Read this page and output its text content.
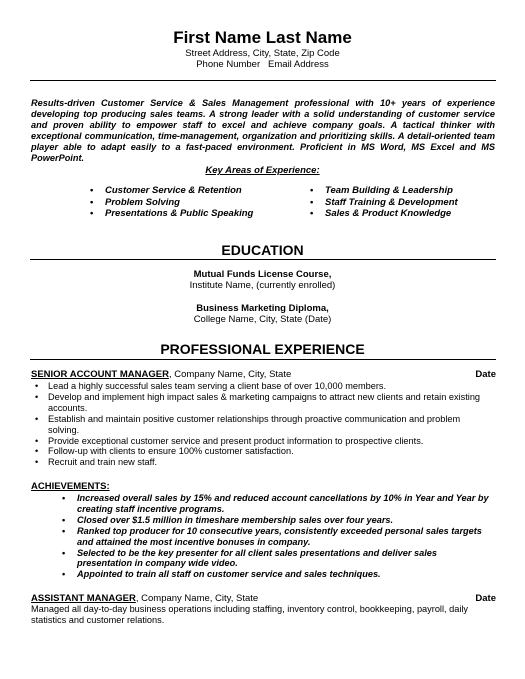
First Name Last Name
Street Address, City, State, Zip Code
Phone Number   Email Address
Results-driven Customer Service & Sales Management professional with 10+ years of experience developing top producing sales teams. A strong leader with a solid understanding of customer service and proven ability to empower staff to excel and achieve company goals. A tactical thinker with exceptional communication, time-management, organization and prioritizing skills. A detail-oriented team player able to adapt easily to a fast-paced environment. Proficient in MS Word, MS Excel and MS PowerPoint.
Key Areas of Experience:
• Customer Service & Retention
• Problem Solving
• Presentations & Public Speaking
• Team Building & Leadership
• Staff Training & Development
• Sales & Product Knowledge
EDUCATION
Mutual Funds License Course,
Institute Name, (currently enrolled)
Business Marketing Diploma,
College Name, City, State (Date)
PROFESSIONAL EXPERIENCE
SENIOR ACCOUNT MANAGER, Company Name, City, State	Date
• Lead a highly successful sales team serving a client base of over 10,000 members.
• Develop and implement high impact sales & marketing campaigns to attract new clients and retain existing accounts.
• Establish and maintain positive customer relationships through proactive communication and problem solving.
• Provide exceptional customer service and present product information to prospective clients.
• Follow-up with clients to ensure 100% customer satisfaction.
• Recruit and train new staff.
ACHIEVEMENTS:
• Increased overall sales by 15% and reduced account cancellations by 10% in Year and Year by creating staff incentive programs.
• Closed over $1.5 million in timeshare membership sales over four years.
• Ranked top producer for 10 consecutive years, consistently exceeded personal sales targets and attained the most incentive bonuses in company.
• Selected to be the key presenter for all client sales presentations and deliver sales presentation in company wide video.
• Appointed to train all staff on customer service and sales techniques.
ASSISTANT MANAGER, Company Name, City, State	Date
Managed all day-to-day business operations including staffing, inventory control, bookkeeping, payroll, daily statistics and customer relations.
